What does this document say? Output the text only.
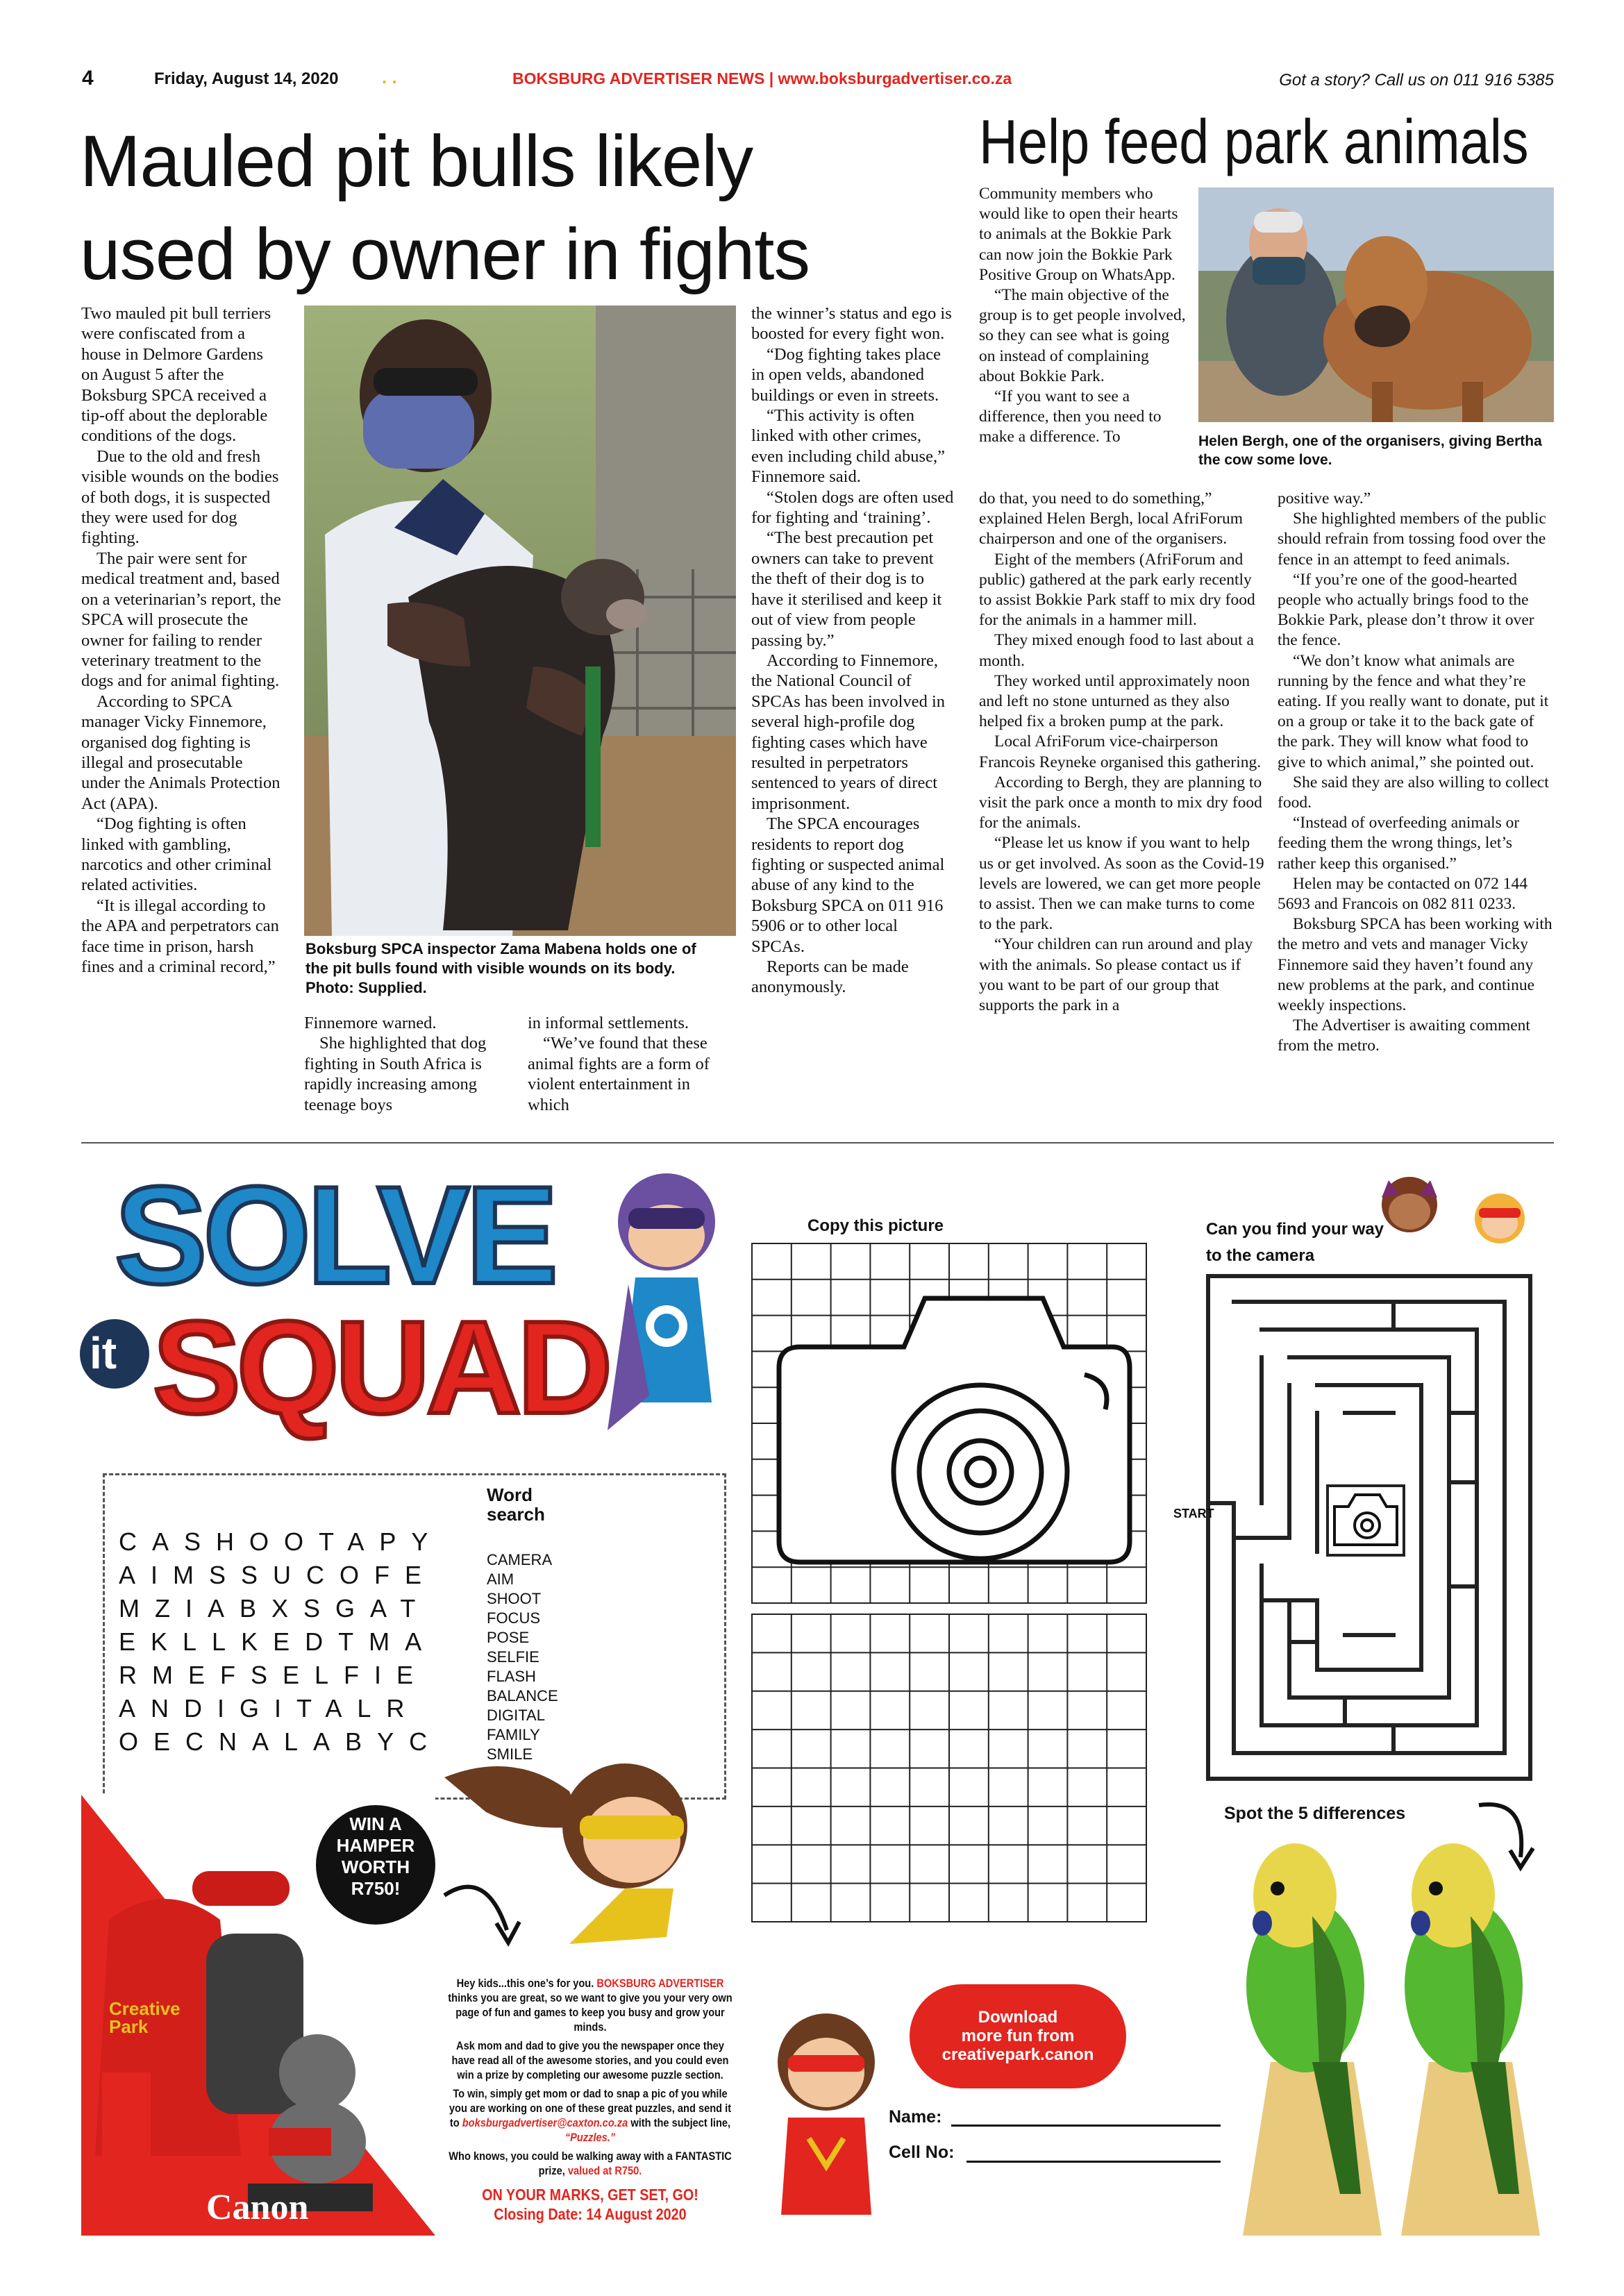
4	Friday, August 14, 2020 . .	BOKSBURG ADVERTISER NEWS | www.boksburgadvertiser.co.za	Got a story? Call us on 011 916 5385
Mauled pit bulls likely
used by owner in fights

Two mauled pit bull terriers were confiscated from a house in Delmore Gardens on August 5 after the Boksburg SPCA received a tip-off about the deplorable conditions of the dogs.

Due to the old and fresh visible wounds on the bodies of both dogs, it is suspected they were used for dog fighting.

The pair were sent for medical treatment and, based on a veterinarian’s report, the SPCA will prosecute the owner for failing to render veterinary treatment to the dogs and for animal fighting.

According to SPCA manager Vicky Finnemore, organised dog fighting is illegal and prosecutable under the Animals Protection Act (APA).

“Dog fighting is often linked with gambling, narcotics and other criminal related activities.

“It is illegal according to the APA and perpetrators can face time in prison, harsh fines and a criminal record,”

Boksburg SPCA inspector Zama Mabena holds one of the pit bulls found with visible wounds on its body. Photo: Supplied.

Finnemore warned.

She highlighted that dog fighting in South Africa is rapidly increasing among teenage boys

in informal settlements.

“We’ve found that these animal fights are a form of violent entertainment in which

the winner’s status and ego is boosted for every fight won.

“Dog fighting takes place in open velds, abandoned buildings or even in streets.

“This activity is often linked with other crimes, even including child abuse,” Finnemore said.

“Stolen dogs are often used for fighting and ‘training’.

“The best precaution pet owners can take to prevent the theft of their dog is to have it sterilised and keep it out of view from people passing by.”

According to Finnemore, the National Council of SPCAs has been involved in several high-profile dog fighting cases which have resulted in perpetrators sentenced to years of direct imprisonment.

The SPCA encourages residents to report dog fighting or suspected animal abuse of any kind to the Boksburg SPCA on 011 916 5906 or to other local SPCAs.

Reports can be made anonymously.

Help feed park animals

Community members who would like to open their hearts to animals at the Bokkie Park can now join the Bokkie Park Positive Group on WhatsApp.

“The main objective of the group is to get people involved, so they can see what is going on instead of complaining about Bokkie Park.

“If you want to see a difference, then you need to make a difference. To	Helen Bergh, one of the organisers, giving Bertha the cow some love.

do that, you need to do something,” explained Helen Bergh, local AfriForum chairperson and one of the organisers.

Eight of the members (AfriForum and public) gathered at the park early recently to assist Bokkie Park staff to mix dry food for the animals in a hammer mill.

They mixed enough food to last about a month.

They worked until approximately noon and left no stone unturned as they also helped fix a broken pump at the park.

Local AfriForum vice-chairperson Francois Reyneke organised this gathering.

According to Bergh, they are planning to visit the park once a month to mix dry food for the animals.

“Please let us know if you want to help us or get involved. As soon as the Covid-19 levels are lowered, we can get more people to assist. Then we can make turns to come to the park.

“Your children can run around and play with the animals. So please contact us if you want to be part of our group that supports the park in a

positive way.”

She highlighted members of the public should refrain from tossing food over the fence in an attempt to feed animals.

“If you’re one of the good-hearted people who actually brings food to the Bokkie Park, please don’t throw it over the fence.

“We don’t know what animals are running by the fence and what they’re eating. If you really want to donate, put it on a group or take it to the back gate of the park. They will know what food to give to which animal,” she pointed out.

She said they are also willing to collect food.

“Instead of overfeeding animals or feeding them the wrong things, let’s rather keep this organised.”

Helen may be contacted on 072 144 5693 and Francois on 082 811 0233.

Boksburg SPCA has been working with the metro and vets and manager Vicky Finnemore said they haven’t found any new problems at the park, and continue weekly inspections.

The Advertiser is awaiting comment from the metro.

SOLVE
it SQUAD
Copy this picture	Can you find your way
to the camera
START
CASHOOTAPY
AIMSSUCOFE
MZIABXSGAT
EKLLKEDTMA
RMEFSELFIE
ANDIGITALR
OECNALABYC
Word
search
CAMERA
AIM
SHOOT
FOCUS
POSE
SELFIE
FLASH
BALANCE
DIGITAL
FAMILY
SMILE
Creative Park
Canon
WIN A
HAMPER
WORTH
R750!

Hey kids...this one’s for you. BOKSBURG ADVERTISER thinks you are great, so we want to give you your very own page of fun and games to keep you busy and grow your minds.

Ask mom and dad to give you the newspaper once they have read all of the awesome stories, and you could even win a prize by completing our awesome puzzle section.

To win, simply get mom or dad to snap a pic of you while you are working on one of these great puzzles, and send it to boksburgadvertiser@caxton.co.za with the subject line, “Puzzles.”

Who knows, you could be walking away with a FANTASTIC prize, valued at R750.

ON YOUR MARKS, GET SET, GO!

Closing Date: 14 August 2020

Download
more fun from
creativepark.canon
Name:
Cell No:
Spot the 5 differences
